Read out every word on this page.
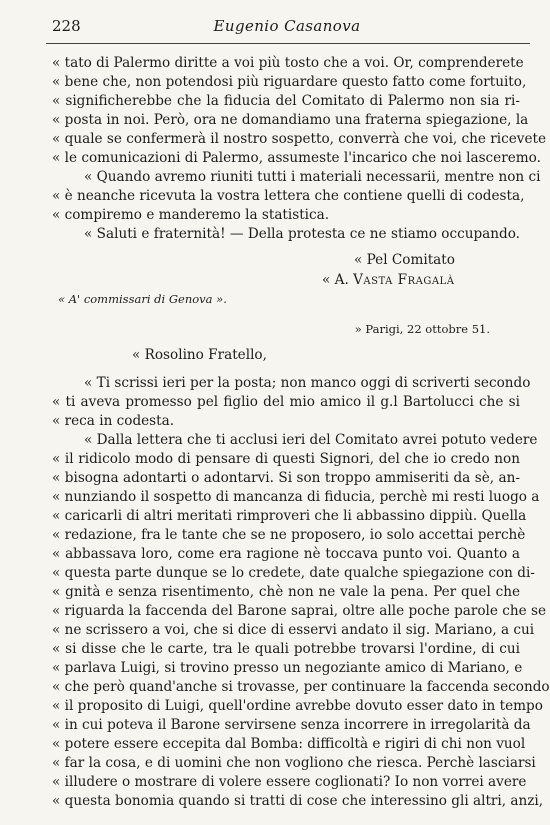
228	Eugenio Casanova
« tato di Palermo diritte a voi più tosto che a voi. Or, comprenderete
« bene che, non potendosi più riguardare questo fatto come fortuito,
« significherebbe che la fiducia del Comitato di Palermo non sia ri-
« posta in noi. Però, ora ne domandiamo una fraterna spiegazione, la
« quale se confermerà il nostro sospetto, converrà che voi, che ricevete
« le comunicazioni di Palermo, assumeste l'incarico che noi lasceremo.
« Quando avremo riuniti tutti i materiali necessarii, mentre non ci
« è neanche ricevuta la vostra lettera che contiene quelli di codesta,
« compiremo e manderemo la statistica.
« Saluti e fraternità! — Della protesta ce ne stiamo occupando.
« Pel Comitato
« A. Vasta Fragalà
« A' commissari di Genova ».
» Parigi, 22 ottobre 51.
« Rosolino Fratello,
« Ti scrissi ieri per la posta; non manco oggi di scriverti secondo
« ti aveva promesso pel figlio del mio amico il g.l Bartolucci che si
« reca in codesta.
« Dalla lettera che ti acclusi ieri del Comitato avrei potuto vedere
« il ridicolo modo di pensare di questi Signori, del che io credo non
« bisogna adontarti o adontarvi. Si son troppo ammiseriti da sè, an-
« nunziando il sospetto di mancanza di fiducia, perchè mi resti luogo a
« caricarli di altri meritati rimproveri che li abbassino dippiù. Quella
« redazione, fra le tante che se ne proposero, io solo accettai perchè
« abbassava loro, come era ragione nè toccava punto voi. Quanto a
« questa parte dunque se lo credete, date qualche spiegazione con di-
« gnità e senza risentimento, chè non ne vale la pena. Per quel che
« riguarda la faccenda del Barone saprai, oltre alle poche parole che se
« ne scrissero a voi, che si dice di esservi andato il sig. Mariano, a cui
« si disse che le carte, tra le quali potrebbe trovarsi l'ordine, di cui
« parlava Luigi, si trovino presso un negoziante amico di Mariano, e
« che però quand'anche si trovasse, per continuare la faccenda secondo
« il proposito di Luigi, quell'ordine avrebbe dovuto esser dato in tempo
« in cui poteva il Barone servirsene senza incorrere in irregolarità da
« potere essere eccepita dal Bomba: difficoltà e rigiri di chi non vuol
« far la cosa, e di uomini che non vogliono che riesca. Perchè lasciarsi
« illudere o mostrare di volere essere coglionati? Io non vorrei avere
« questa bonomia quando si tratti di cose che interessino gli altri, anzi,
